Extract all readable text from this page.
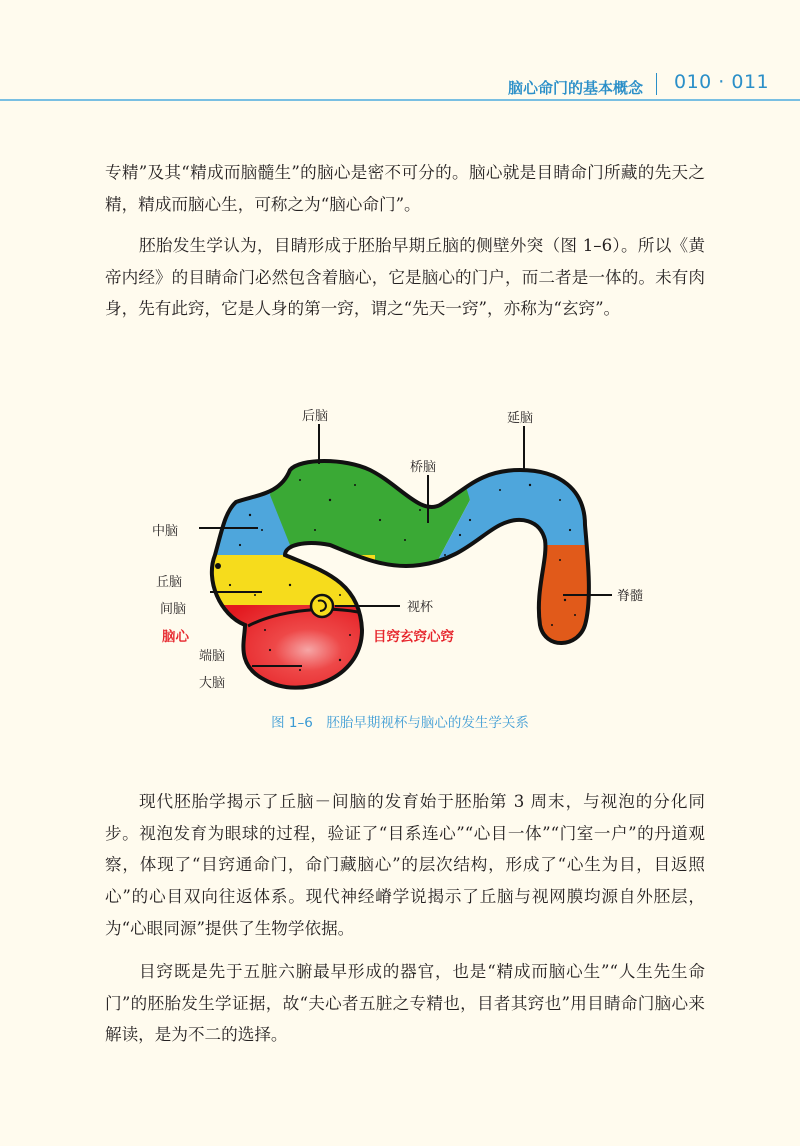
脑心命门的基本概念 010 · 011

专精”及其“精成而脑髓生”的脑心是密不可分的。脑心就是目睛命门所藏的先天之精，精成而脑心生，可称之为“脑心命门”。

胚胎发生学认为，目睛形成于胚胎早期丘脑的侧壁外突（图 1–6）。所以《黄帝内经》的目睛命门必然包含着脑心，它是脑心的门户，而二者是一体的。未有肉身，先有此窍，它是人身的第一窍，谓之“先天一窍”，亦称为“玄窍”。

后脑	延脑
桥脑
中脑
丘脑
间脑
脑心
视杯
目窍玄窍心窍
脊髓
端脑
大脑
图 1–6　胚胎早期视杯与脑心的发生学关系

现代胚胎学揭示了丘脑－间脑的发育始于胚胎第 3 周末，与视泡的分化同步。视泡发育为眼球的过程，验证了“目系连心”“心目一体”“门室一户”的丹道观察，体现了“目窍通命门，命门藏脑心”的层次结构，形成了“心生为目，目返照心”的心目双向往返体系。现代神经嵴学说揭示了丘脑与视网膜均源自外胚层，为“心眼同源”提供了生物学依据。

目窍既是先于五脏六腑最早形成的器官，也是“精成而脑心生”“人生先生命门”的胚胎发生学证据，故“夫心者五脏之专精也，目者其窍也”用目睛命门脑心来解读，是为不二的选择。
